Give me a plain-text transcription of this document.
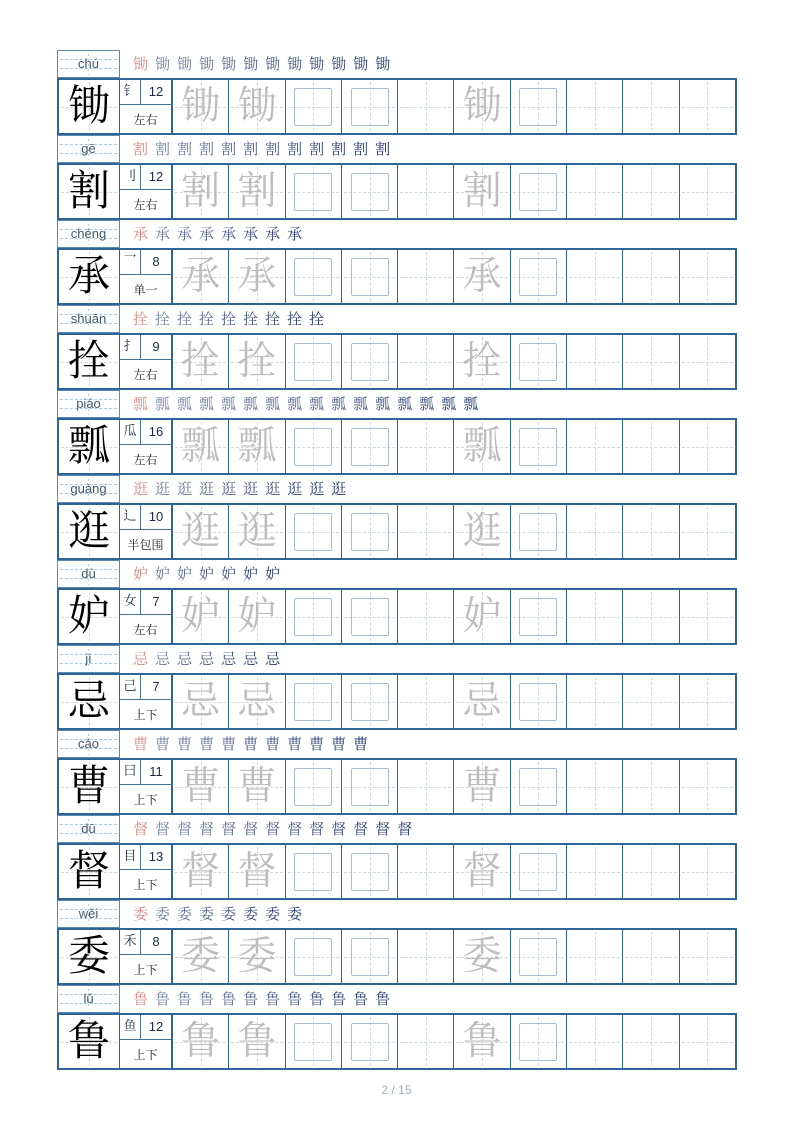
chú	锄 锄 锄 锄 锄 锄 锄 锄 锄 锄 锄 锄
锄	钅 12
左右 锄 锄	锄
gē	割 割 割 割 割 割 割 割 割 割 割 割
割	刂 12
左右 割 割	割
chéng	承 承 承 承 承 承 承 承
承	乛	8
单一 承 承	承
shuān	拴 拴 拴 拴 拴 拴 拴 拴 拴
拴	扌	9
左右 拴 拴	拴
piáo	瓢 瓢 瓢 瓢 瓢 瓢 瓢 瓢 瓢 瓢 瓢 瓢 瓢 瓢 瓢 瓢
瓢	瓜 16
左右 瓢 瓢	瓢
guàng	逛 逛 逛 逛 逛 逛 逛 逛 逛 逛
逛	辶 10
半包围 逛 逛	逛
dù	妒 妒 妒 妒 妒 妒 妒
妒	女	7
左右 妒 妒	妒
jì	忌 忌 忌 忌 忌 忌 忌
忌	己	7
上下 忌 忌	忌
cáo	曹 曹 曹 曹 曹 曹 曹 曹 曹 曹 曹
曹	曰 11
上下 曹 曹	曹
dū	督 督 督 督 督 督 督 督 督 督 督 督 督
督	目 13
上下 督 督	督
wěi	委 委 委 委 委 委 委 委
委	禾	8
上下 委 委	委
lǔ	鲁 鲁 鲁 鲁 鲁 鲁 鲁 鲁 鲁 鲁 鲁 鲁
鲁	鱼 12
上下 鲁 鲁	鲁
2 / 15
